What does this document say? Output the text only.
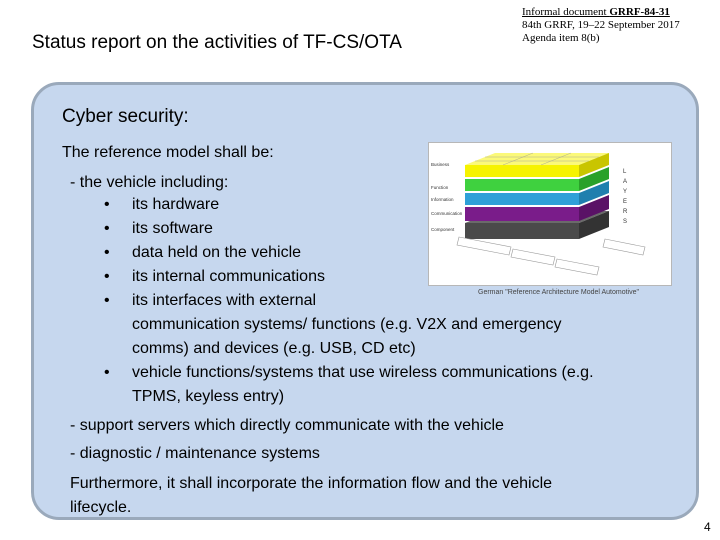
Status report on the activities of TF-CS/OTA
Informal document GRRF-84-31
84th GRRF, 19–22 September 2017
Agenda item 8(b)
Cyber security:
The reference model shall be:
- the vehicle including:
• its hardware
• its software
• data held on the vehicle
• its internal communications
• its interfaces with external
communication systems/ functions (e.g. V2X and emergency
comms) and devices (e.g. USB, CD etc)
• vehicle functions/systems that use wireless communications (e.g.
TPMS, keyless entry)
- support servers which directly communicate with the vehicle
- diagnostic / maintenance systems
Furthermore, it shall incorporate the information flow and the vehicle
lifecycle.
Business
Function
Information
Communication
Component
L
A
Y
E
R
S
German "Reference Architecture Model Automotive"
4
